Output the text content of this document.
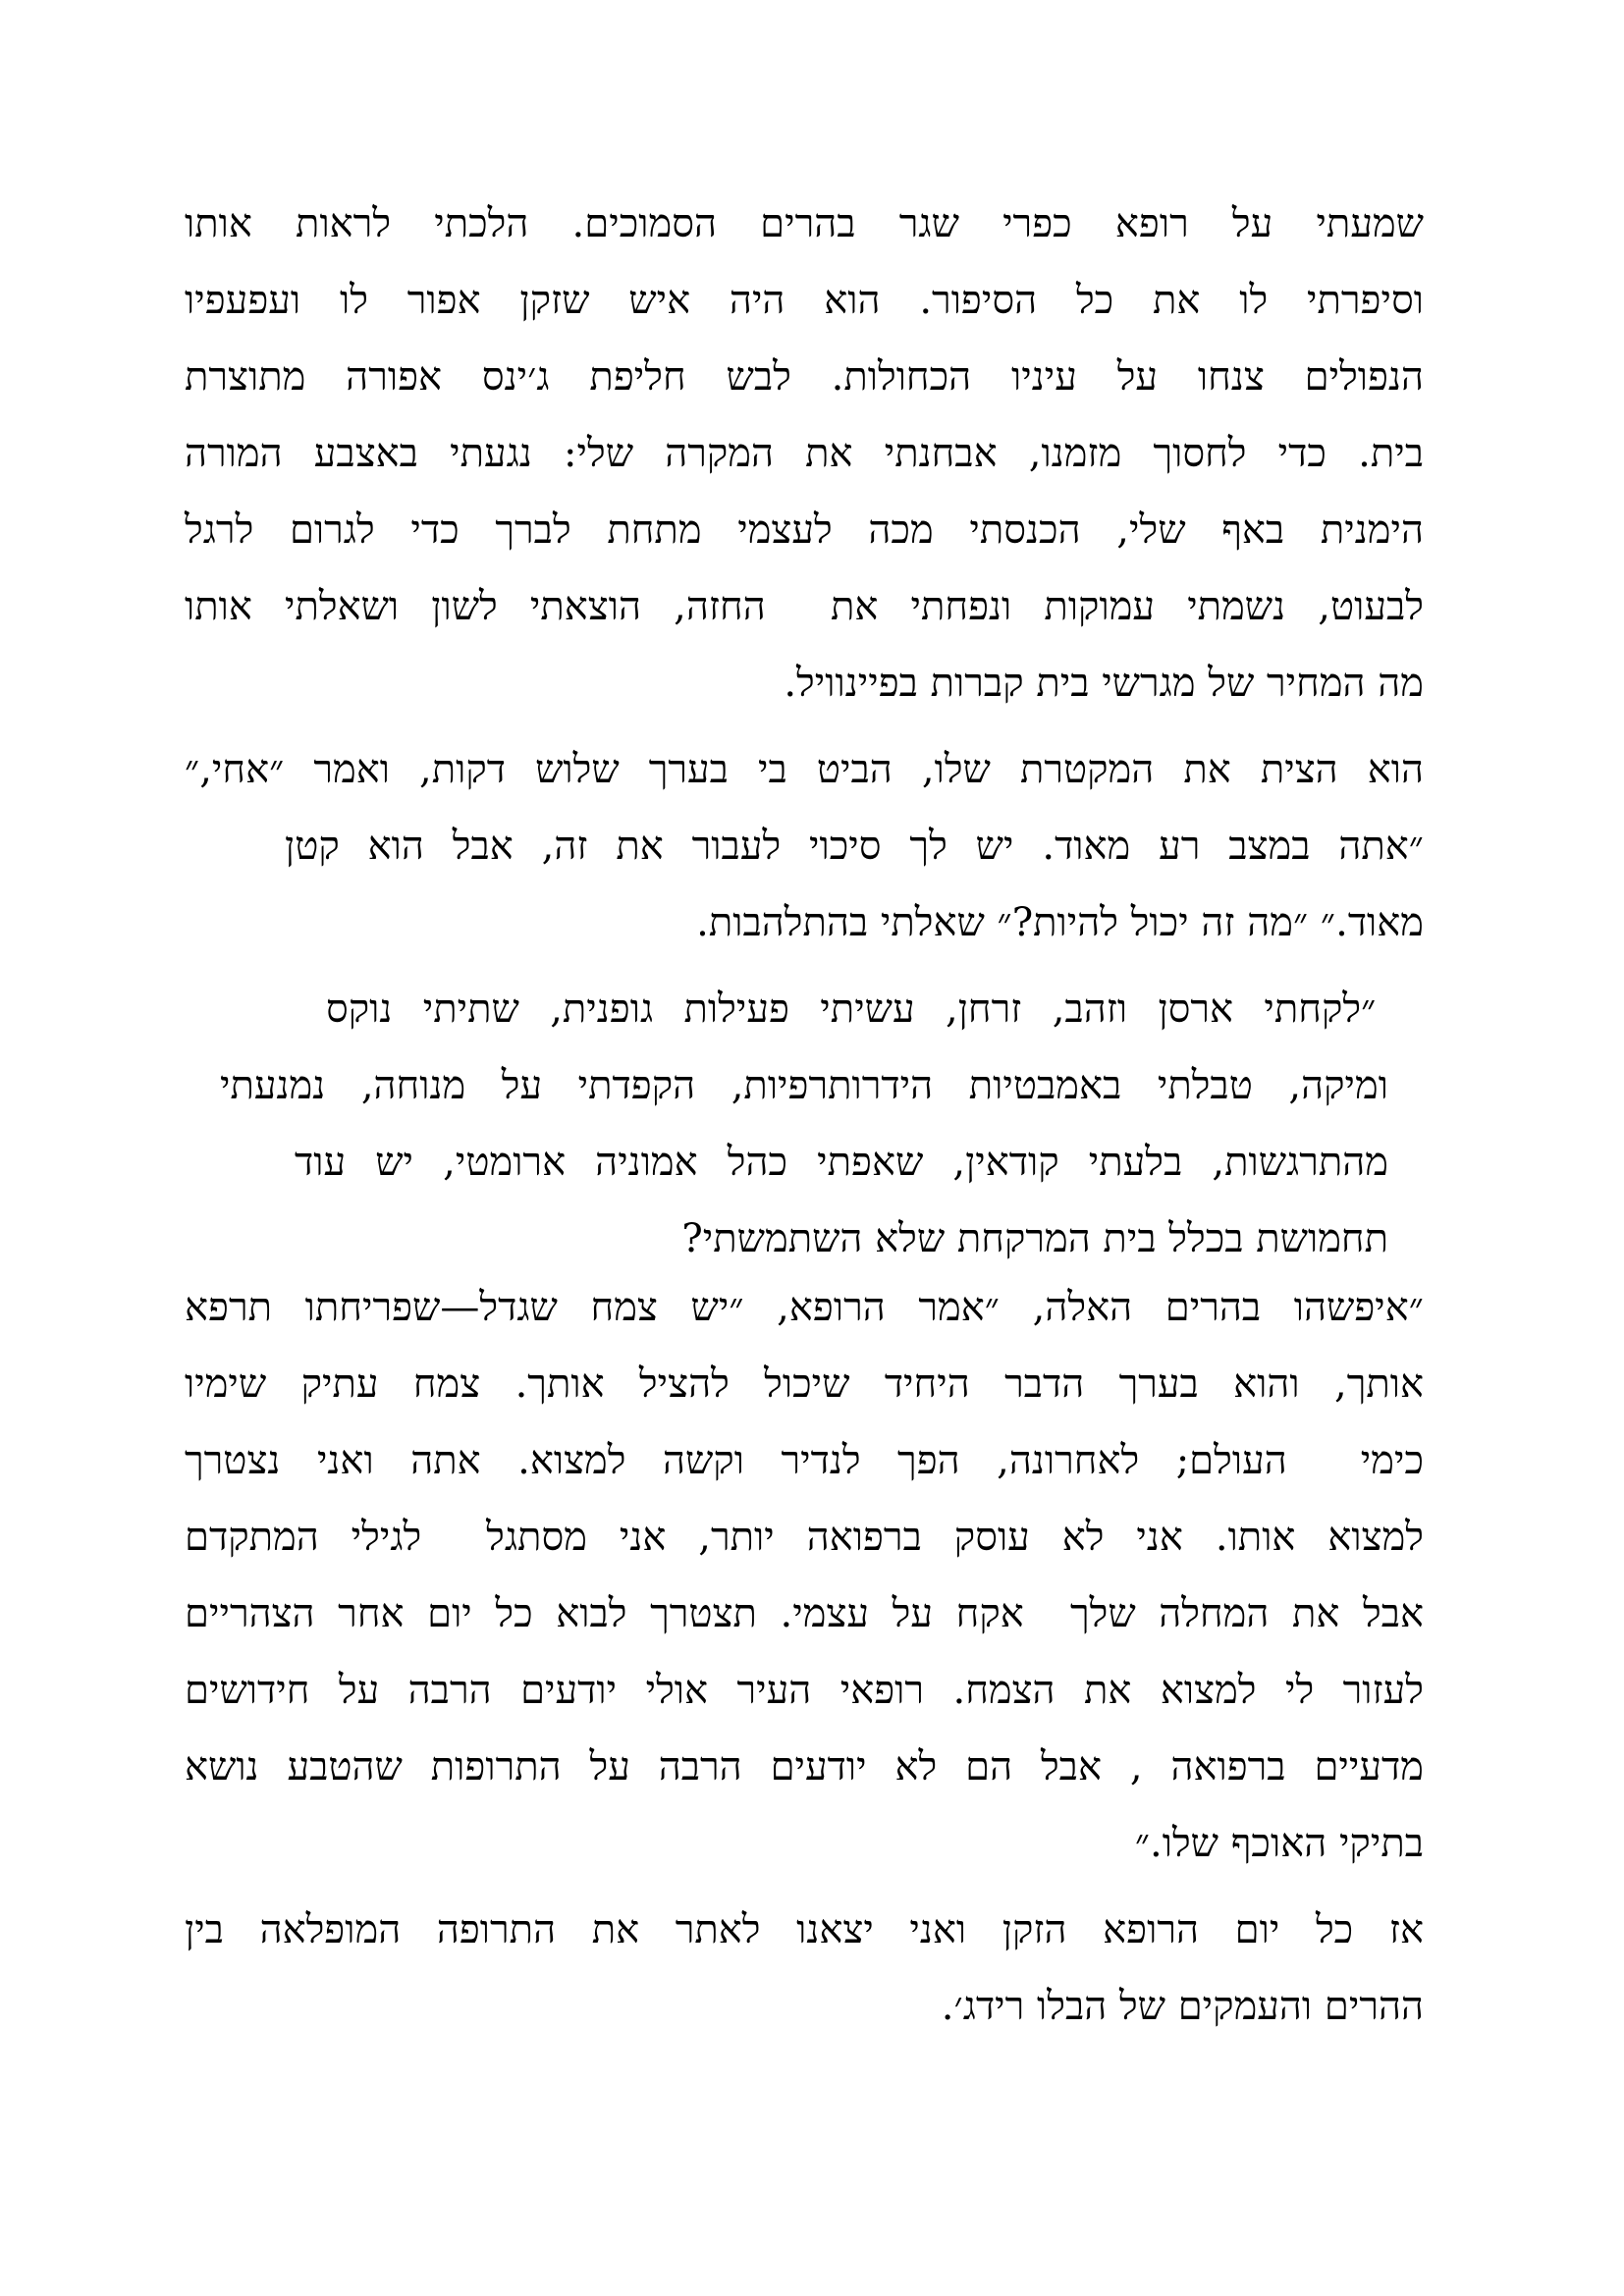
שמעתי על רופא כפרי שגר בהרים הסמוכים. הלכתי לראות אותו
וסיפרתי לו את כל הסיפור. הוא היה איש שזקן אפור לו ועפעפיו
הנפולים צנחו על עיניו הכחולות. לבש חליפת ג׳ינס אפורה מתוצרת
בית. כדי לחסוך מזמנו, אבחנתי את המקרה שלי: נגעתי באצבע המורה
הימנית באף שלי, הכנסתי מכה לעצמי מתחת לברך כדי לגרום לרגל
לבעוט, נשמתי עמוקות ונפחתי את  החזה, הוצאתי לשון ושאלתי אותו
מה המחיר של מגרשי בית קברות בפיינוויל.
הוא הצית את המקטרת שלו, הביט בי בערך שלוש דקות, ואמר ״אחי,״
״אתה במצב רע מאוד. יש לך סיכוי לעבור את זה, אבל הוא קטן
מאוד.״ ״מה זה יכול להיות?״ שאלתי בהתלהבות.
״לקחתי ארסן וזהב, זרחן, עשיתי פעילות גופנית, שתיתי נוקס
ומיקה, טבלתי באמבטיות הידרותרפיות, הקפדתי על מנוחה, נמנעתי
מהתרגשות, בלעתי קודאין, שאפתי כהל אמוניה ארומטי, יש עוד
תחמושת בכלל בית המרקחת שלא השתמשתי?
״איפשהו בהרים האלה, ״אמר הרופא, ״יש צמח שגדל—שפריחתו תרפא
אותך, והוא בערך הדבר היחיד שיכול להציל אותך. צמח עתיק שימיו
כימי  העולם; לאחרונה, הפך לנדיר וקשה למצוא. אתה ואני נצטרך
למצוא אותו. אני לא עוסק ברפואה יותר, אני מסתגל  לגילי המתקדם
אבל את המחלה שלך  אקח על עצמי. תצטרך לבוא כל יום אחר הצהריים
לעזור לי למצוא את הצמח. רופאי העיר אולי יודעים הרבה על חידושים
מדעיים ברפואה , אבל הם לא יודעים הרבה על התרופות שהטבע נושא
בתיקי האוכף שלו.״
אז כל יום הרופא הזקן ואני יצאנו לאתר את התרופה המופלאה בין
ההרים והעמקים של הבלו רידג׳.
